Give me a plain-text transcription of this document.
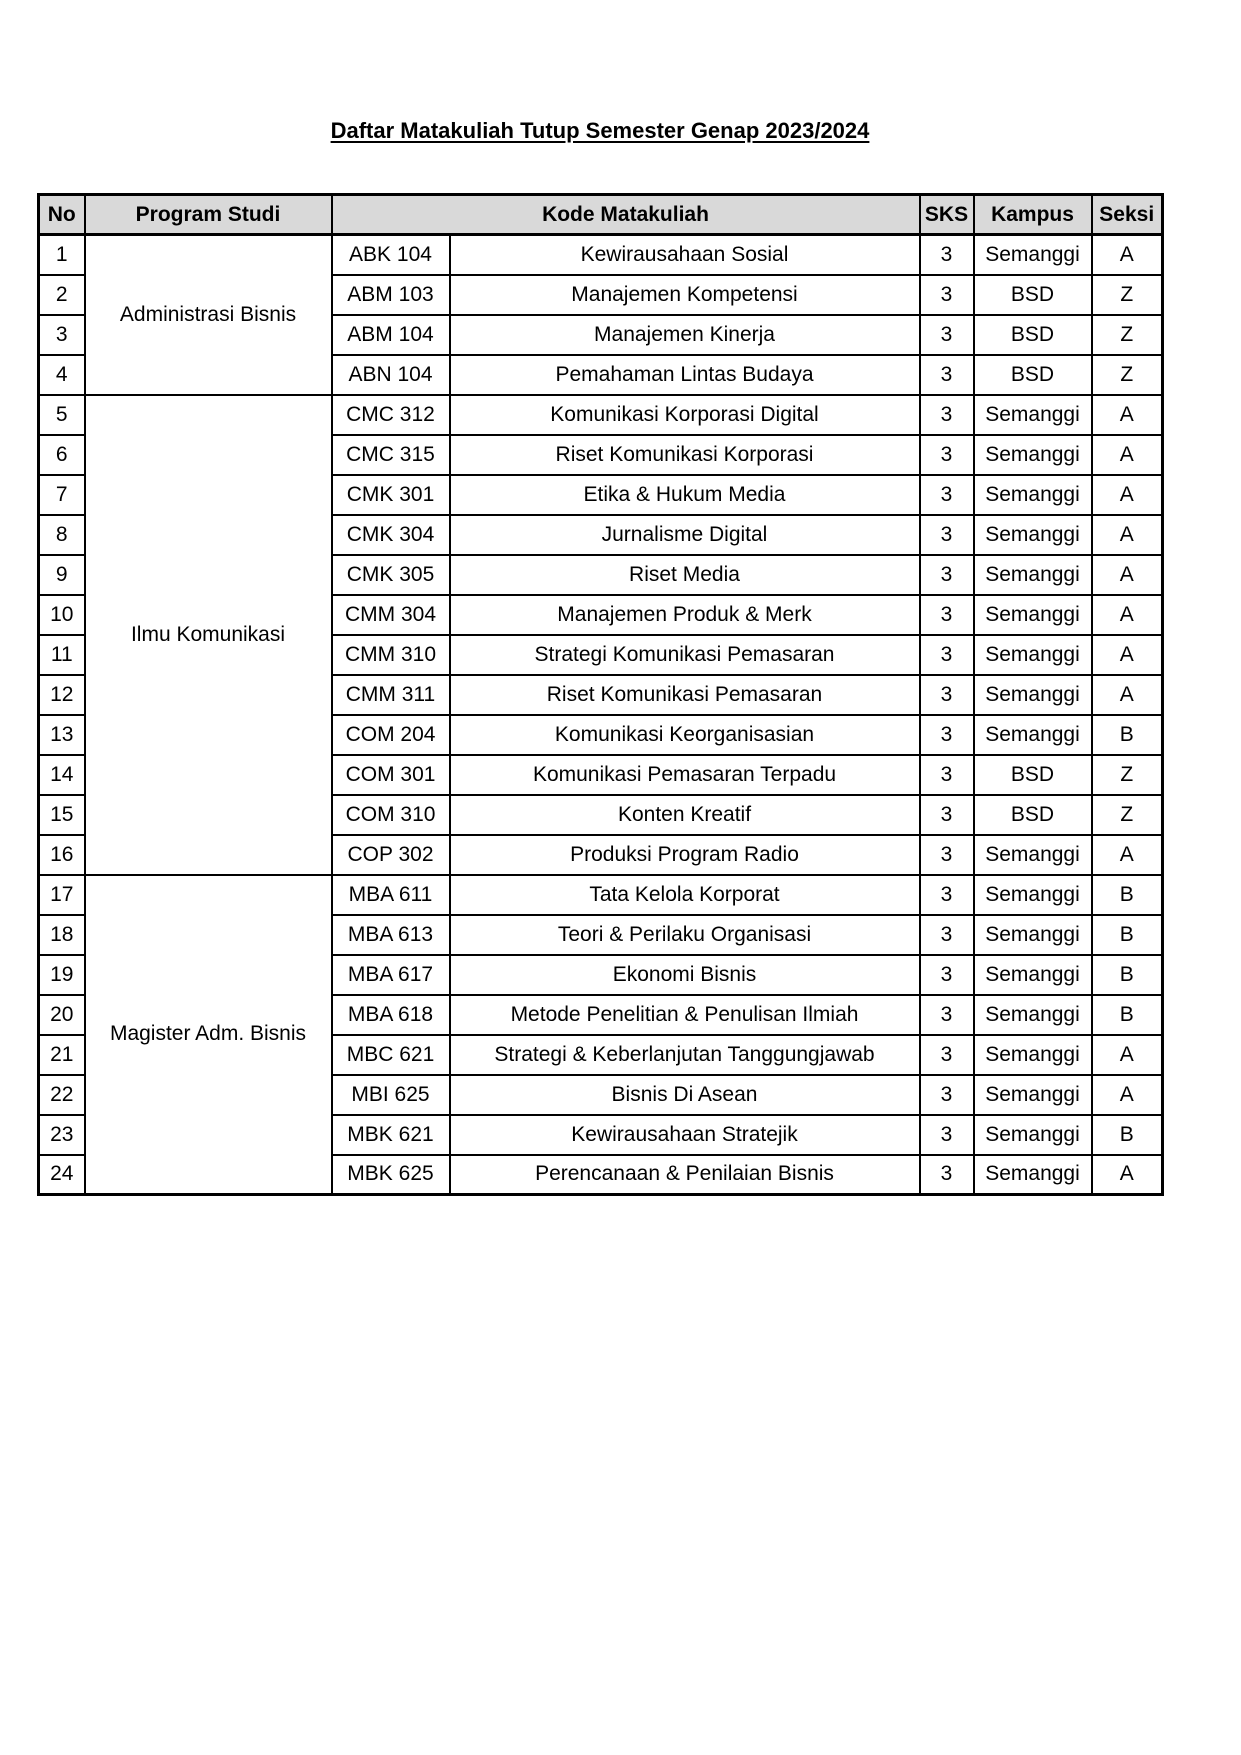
Daftar Matakuliah Tutup Semester Genap 2023/2024
No	Program Studi	Kode Matakuliah		SKS	Kampus	Seksi
1	Administrasi Bisnis	ABK 104	Kewirausahaan Sosial	3	Semanggi	A
2		ABM 103	Manajemen Kompetensi	3	BSD	Z
3		ABM 104	Manajemen Kinerja	3	BSD	Z
4		ABN 104	Pemahaman Lintas Budaya	3	BSD	Z
5	Ilmu Komunikasi	CMC 312	Komunikasi Korporasi Digital	3	Semanggi	A
6		CMC 315	Riset Komunikasi Korporasi	3	Semanggi	A
7		CMK 301	Etika & Hukum Media	3	Semanggi	A
8		CMK 304	Jurnalisme Digital	3	Semanggi	A
9		CMK 305	Riset Media	3	Semanggi	A
10		CMM 304	Manajemen Produk & Merk	3	Semanggi	A
11		CMM 310	Strategi Komunikasi Pemasaran	3	Semanggi	A
12		CMM 311	Riset Komunikasi Pemasaran	3	Semanggi	A
13		COM 204	Komunikasi Keorganisasian	3	Semanggi	B
14		COM 301	Komunikasi Pemasaran Terpadu	3	BSD	Z
15		COM 310	Konten Kreatif	3	BSD	Z
16		COP 302	Produksi Program Radio	3	Semanggi	A
17	Magister Adm. Bisnis	MBA 611	Tata Kelola Korporat	3	Semanggi	B
18		MBA 613	Teori & Perilaku Organisasi	3	Semanggi	B
19		MBA 617	Ekonomi Bisnis	3	Semanggi	B
20		MBA 618	Metode Penelitian & Penulisan Ilmiah	3	Semanggi	B
21		MBC 621	Strategi & Keberlanjutan Tanggungjawab	3	Semanggi	A
22		MBI 625	Bisnis Di Asean	3	Semanggi	A
23		MBK 621	Kewirausahaan Stratejik	3	Semanggi	B
24		MBK 625	Perencanaan & Penilaian Bisnis	3	Semanggi	A
